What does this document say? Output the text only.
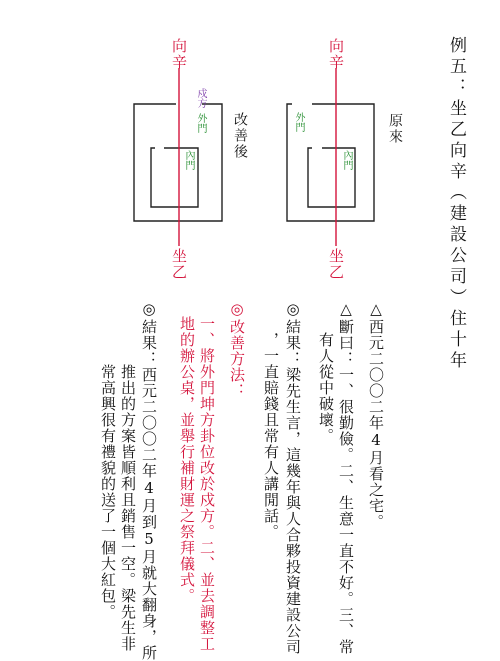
例五：坐乙向辛（建設公司）住十年
原來
向辛
坐乙
外門
內門
改善後
向辛
坐乙
戍方
外門
內門
△西元二〇〇二年4月看之宅。
△斷曰：一、很勤儉。二、生意一直不好。三、常
有人從中破壞。
◎結果：梁先生言，這幾年與人合夥投資建設公司
，一直賠錢且常有人講閒話。
◎改善方法：
一、將外門坤方卦位改於戍方。二、並去調整工
地的辦公桌，並舉行補財運之祭拜儀式。
◎結果：西元二〇〇二年4月到5月就大翻身，所
推出的方案皆順利且銷售一空。梁先生非
常高興很有禮貌的送了一個大紅包。
